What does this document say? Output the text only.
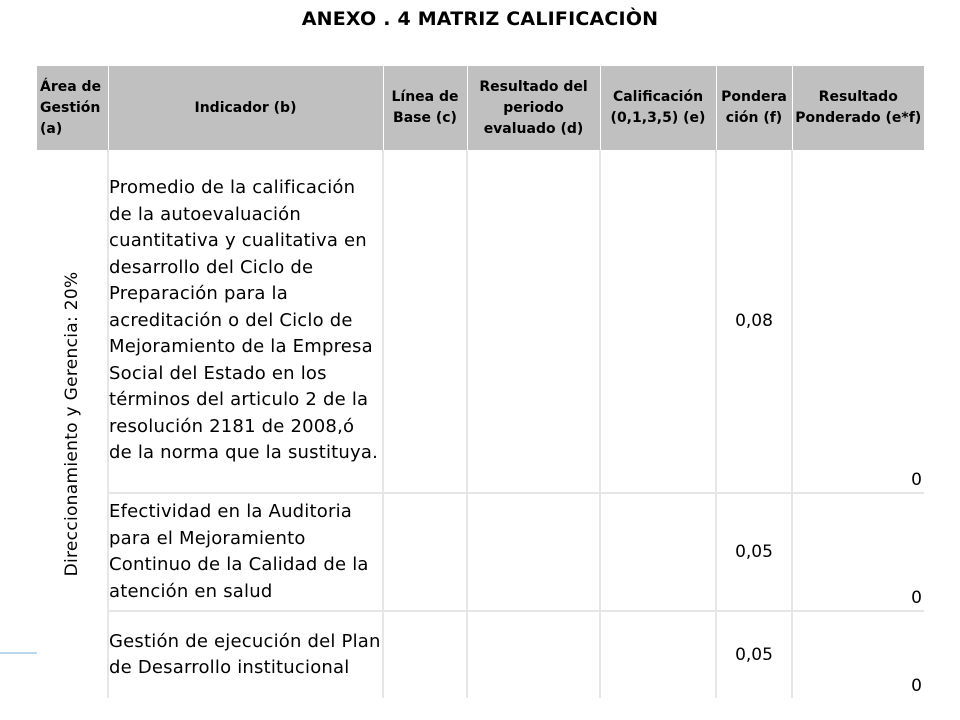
ANEXO . 4 MATRIZ CALIFICACIÒN
Área de Gestión (a)	Indicador (b)	Línea de Base (c)	Resultado del periodo evaluado (d)	Calificación (0,1,3,5) (e)	Pondera ción (f)	Resultado Ponderado (e*f)

Direccionamiento y Gerencia: 20%	Promedio de la calificación de la autoevaluación cuantitativa y cualitativa en desarrollo del Ciclo de Preparación para la acreditación o del Ciclo de Mejoramiento de la Empresa Social del Estado en los términos del articulo 2 de la resolución 2181 de 2008,ó de la norma que la sustituya.				0,08	0
	Efectividad en la Auditoria para el Mejoramiento Continuo de la Calidad de la atención en salud				0,05	0
	Gestión de ejecución del Plan de Desarrollo institucional				0,05	0
